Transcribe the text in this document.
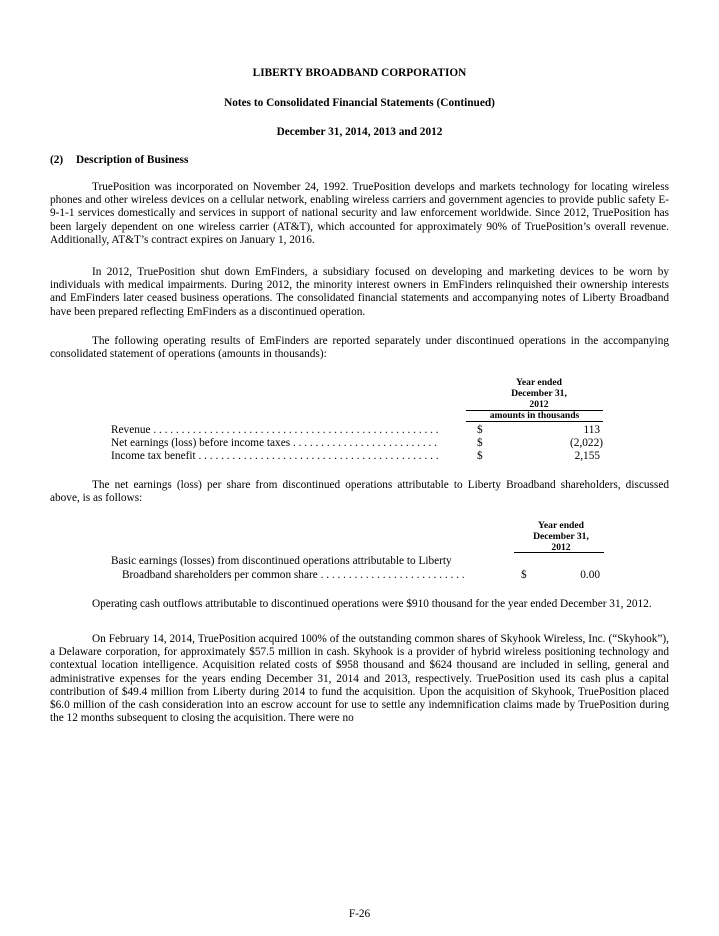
LIBERTY BROADBAND CORPORATION
Notes to Consolidated Financial Statements (Continued)
December 31, 2014, 2013 and 2012
(2) Description of Business

TruePosition was incorporated on November 24, 1992. TruePosition develops and markets technology for locating wireless phones and other wireless devices on a cellular network, enabling wireless carriers and government agencies to provide public safety E-9-1-1 services domestically and services in support of national security and law enforcement worldwide. Since 2012, TruePosition has been largely dependent on one wireless carrier (AT&T), which accounted for approximately 90% of TruePosition’s overall revenue. Additionally, AT&T’s contract expires on January 1, 2016.

In 2012, TruePosition shut down EmFinders, a subsidiary focused on developing and marketing devices to be worn by individuals with medical impairments. During 2012, the minority interest owners in EmFinders relinquished their ownership interests and EmFinders later ceased business operations. The consolidated financial statements and accompanying notes of Liberty Broadband have been prepared reflecting EmFinders as a discontinued operation.

The following operating results of EmFinders are reported separately under discontinued operations in the accompanying consolidated statement of operations (amounts in thousands):

Year ended
December 31,
2012
amounts in thousands
Revenue . . . . . . . . . . . . . . . . . . . . . . . . . . . . . . . . . . . . . . . . . . . . . . . . . . .	$	113
Net earnings (loss) before income taxes . . . . . . . . . . . . . . . . . . . . . . . . . .	$	(2,022)
Income tax benefit . . . . . . . . . . . . . . . . . . . . . . . . . . . . . . . . . . . . . . . . . . .	$	2,155

The net earnings (loss) per share from discontinued operations attributable to Liberty Broadband shareholders, discussed above, is as follows:

Year ended
December 31,
2012
Basic earnings (losses) from discontinued operations attributable to Liberty
Broadband shareholders per common share . . . . . . . . . . . . . . . . . . . . . . . . . .	$	0.00

Operating cash outflows attributable to discontinued operations were $910 thousand for the year ended December 31, 2012.

On February 14, 2014, TruePosition acquired 100% of the outstanding common shares of Skyhook Wireless, Inc. (“Skyhook”), a Delaware corporation, for approximately $57.5 million in cash. Skyhook is a provider of hybrid wireless positioning technology and contextual location intelligence. Acquisition related costs of $958 thousand and $624 thousand are included in selling, general and administrative expenses for the years ending December 31, 2014 and 2013, respectively. TruePosition used its cash plus a capital contribution of $49.4 million from Liberty during 2014 to fund the acquisition. Upon the acquisition of Skyhook, TruePosition placed $6.0 million of the cash consideration into an escrow account for use to settle any indemnification claims made by TruePosition during the 12 months subsequent to closing the acquisition. There were no

F-26
